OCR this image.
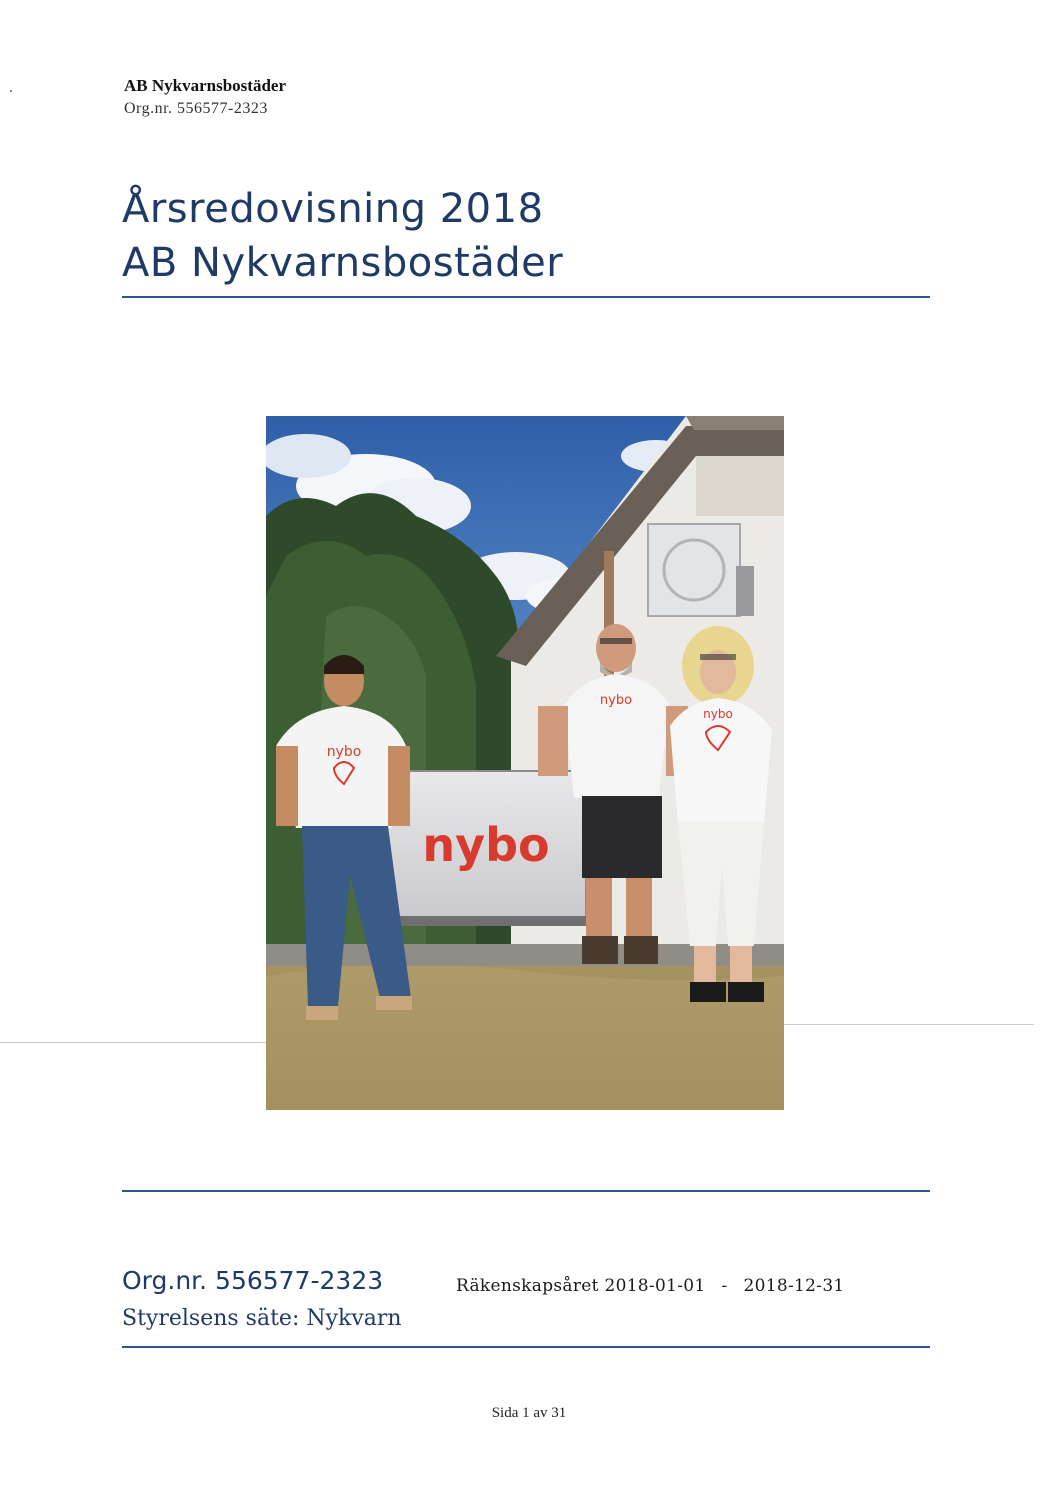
AB Nykvarnsbostäder
Org.nr. 556577-2323
Årsredovisning 2018
AB Nykvarnsbostäder
nybo
nybo
nybo
nybo
Org.nr. 556577-2323	Räkenskapsåret 2018-01-01 - 2018-12-31
Styrelsens säte: Nykvarn
Sida 1 av 31
